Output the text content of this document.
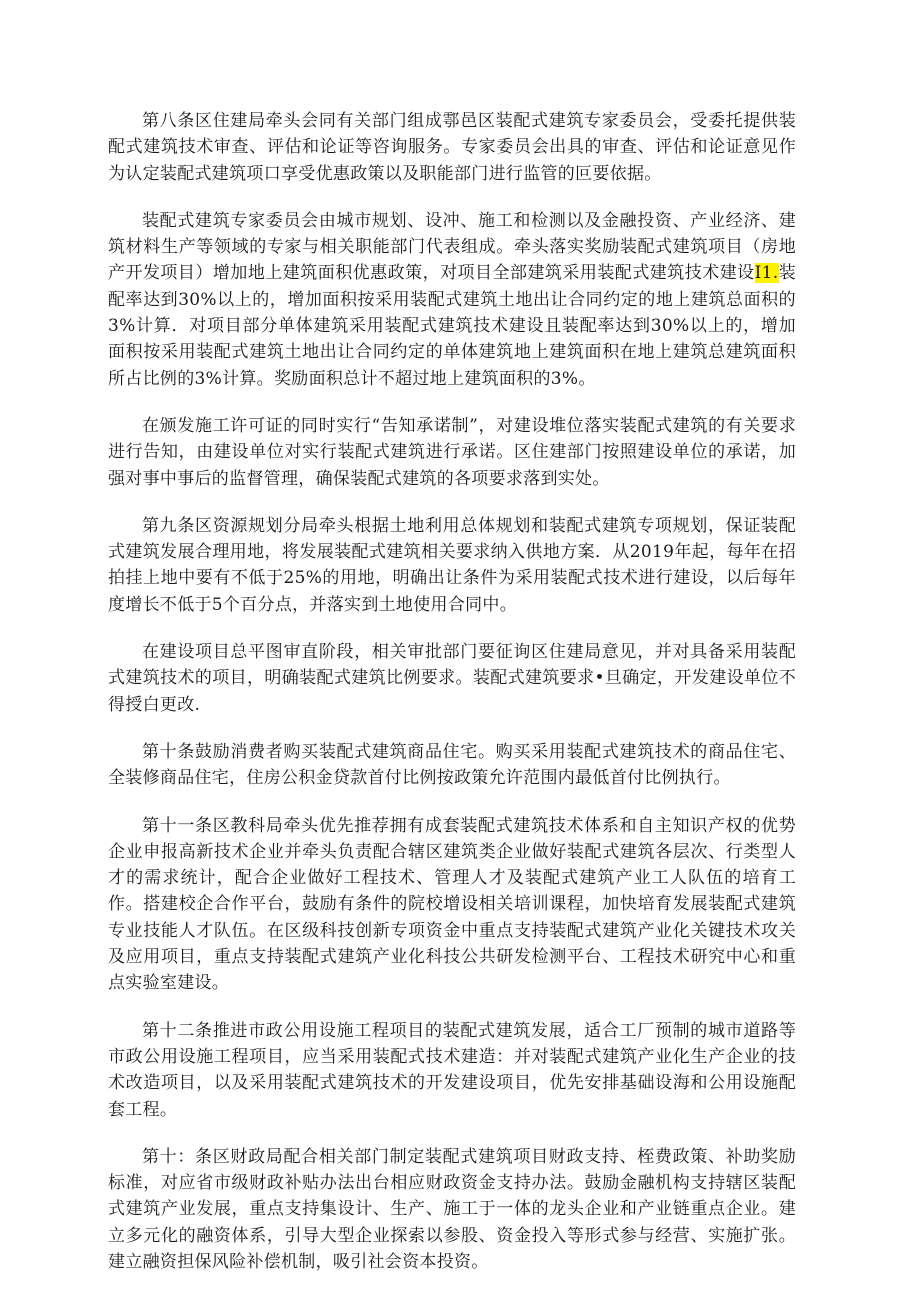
第八条区住建局牵头会同有关部门组成鄠邑区装配式建筑专家委员会，受委托提供装配式建筑技术审查、评估和论证等咨询服务。专家委员会出具的审查、评估和论证意见作为认定装配式建筑项口享受优惠政策以及职能部门进行监管的叵要依据。

装配式建筑专家委员会由城市规划、设冲、施工和检测以及金融投资、产业经济、建筑材料生产等领域的专家与相关职能部门代表组成。牵头落实奖励装配式建筑项目（房地产开发项目）增加地上建筑面积优惠政策，对项目全部建筑采用装配式建筑技术建设I1.装配率达到30%以上的，增加面积按采用装配式建筑土地出让合同约定的地上建筑总面积的3%计算．对项目部分单体建筑采用装配式建筑技术建设且装配率达到30%以上的，增加面积按采用装配式建筑土地出让合同约定的单体建筑地上建筑面积在地上建筑总建筑面积所占比例的3%计算。奖励面积总计不超过地上建筑面积的3%。

在颁发施工许可证的同时实行“告知承诺制”，对建设堆位落实装配式建筑的有关要求进行告知，由建设单位对实行装配式建筑进行承诺。区住建部门按照建设单位的承诺，加强对事中事后的监督管理，确保装配式建筑的各项要求落到实处。

第九条区资源规划分局牵头根据土地利用总体规划和装配式建筑专项规划，保证装配式建筑发展合理用地，将发展装配式建筑相关要求纳入供地方案．从2019年起，每年在招拍挂上地中要有不低于25%的用地，明确出让条件为采用装配式技术进行建设，以后每年度增长不低于5个百分点，并落实到土地使用合同中。

在建设项目总平图审直阶段，相关审批部门要征询区住建局意见，并对具备采用装配式建筑技术的项目，明确装配式建筑比例要求。装配式建筑要求•旦确定，开发建设单位不得授白更改.

第十条鼓励消费者购买装配式建筑商品住宅。购买采用装配式建筑技术的商品住宅、全装修商品住宅，住房公积金贷款首付比例按政策允许范围内最低首付比例执行。

第十一条区教科局牵头优先推荐拥有成套装配式建筑技术体系和自主知识产权的优势企业申报高新技术企业并牵头负责配合辖区建筑类企业做好装配式建筑各层次、行类型人才的需求统计，配合企业做好工程技术、管理人才及装配式建筑产业工人队伍的培育工作。搭建校企合作平台，鼓励有条件的院校增设相关培训课程，加快培育发展装配式建筑专业技能人才队伍。在区级科技创新专项资金中重点支持装配式建筑产业化关键技术攻关及应用项目，重点支持装配式建筑产业化科技公共研发检测平台、工程技术研究中心和重点实验室建设。

第十二条推进市政公用设施工程项目的装配式建筑发展，适合工厂预制的城市道路等市政公用设施工程项目，应当采用装配式技术建造：并对装配式建筑产业化生产企业的技术改造项目，以及采用装配式建筑技术的开发建设项目，优先安排基础设海和公用设施配套工程。

第十：条区财政局配合相关部门制定装配式建筑项目财政支持、桎费政策、补助奖励标准，对应省市级财政补贴办法出台相应财政资金支持办法。鼓励金融机构支持辖区装配式建筑产业发展，重点支持集设计、生产、施工于一体的龙头企业和产业链重点企业。建立多元化的融资体系，引导大型企业探索以参股、资金投入等形式参与经营、实施扩张。建立融资担保风险补偿机制，吸引社会资本投资。
